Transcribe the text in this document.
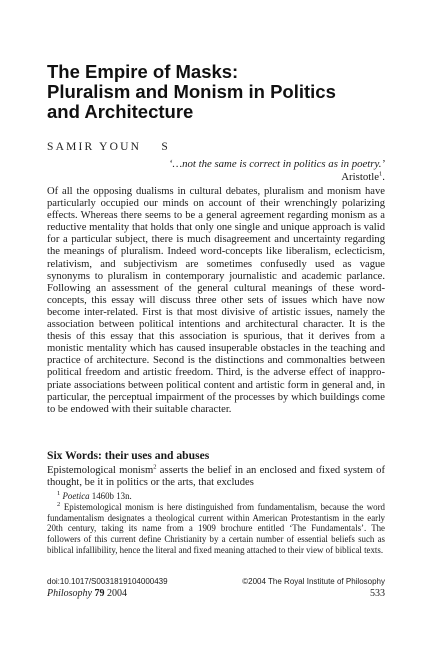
The Empire of Masks:
Pluralism and Monism in Politics
and Architecture
SAMIR YOUN    S
‘…not the same is correct in politics as in poetry.’
Aristotle$^1$.

Of all the opposing dualisms in cultural debates, pluralism and monism have particularly occupied our minds on account of their wrenchingly polarizing effects. Whereas there seems to be a general agreement regarding monism as a reductive mentality that holds that only one single and unique approach is valid for a particular subject, there is much disagreement and uncertainty regarding the meanings of pluralism. Indeed word-concepts like liberalism, eclecticism, relativism, and subjectivism are sometimes confusedly used as vague synonyms to pluralism in contemporary journalistic and academic parlance. Following an assessment of the general cultural meanings of these word-concepts, this essay will discuss three other sets of issues which have now become inter-related. First is that most divisive of artistic issues, namely the association between political intentions and architectural character. It is the thesis of this essay that this association is spurious, that it derives from a monistic mentality which has caused insuperable obstacles in the teaching and practice of architecture. Second is the distinctions and commonalties between political freedom and artistic freedom. Third, is the adverse effect of inappropriate associations between political content and artistic form in general and, in particular, the perceptual impairment of the processes by which buildings come to be endowed with their suitable character.

Six Words: their uses and abuses

Epistemological monism$^2$ asserts the belief in an enclosed and fixed system of thought, be it in politics or the arts, that excludes

$^1$ Poetica 1460b 13n.

$^2$ Epistemological monism is here distinguished from fundamentalism, because the word fundamentalism designates a theological current within American Protestantism in the early 20th century, taking its name from a 1909 brochure entitled ‘The Fundamentals’. The followers of this current define Christianity by a certain number of essential beliefs such as biblical infallibility, hence the literal and fixed meaning attached to their view of biblical texts.

doi:10.1017/S0031819104000439	©2004 The Royal Institute of Philosophy
Philosophy 79 2004	533
